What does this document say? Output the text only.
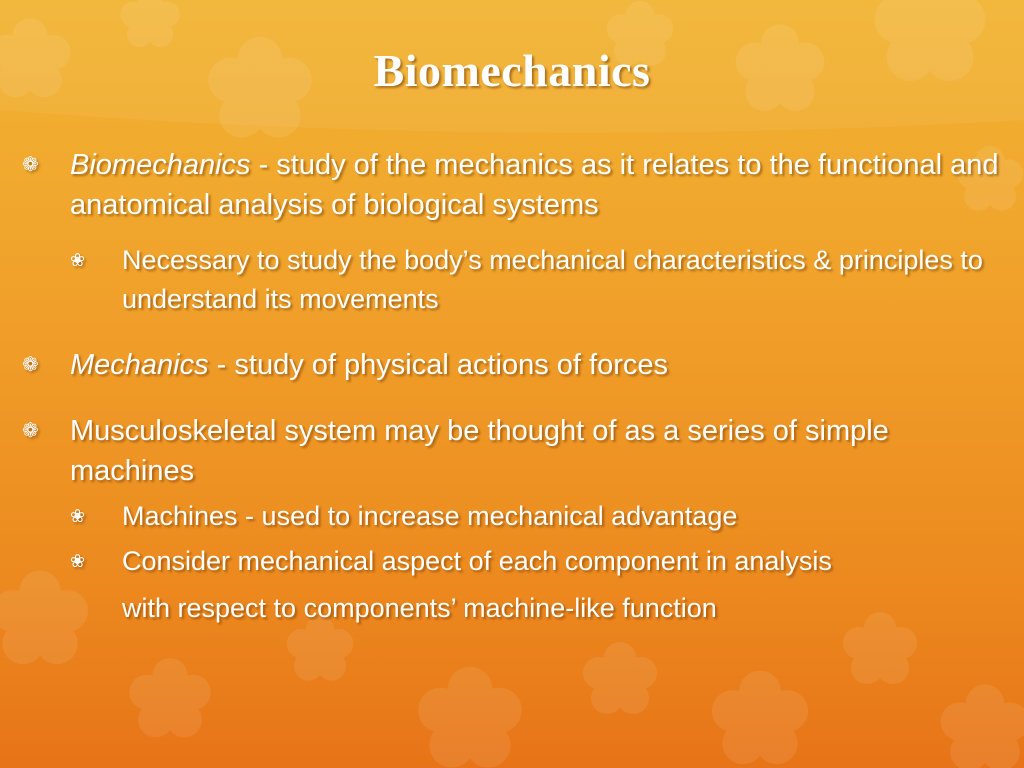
Biomechanics
❁ Biomechanics - study of the mechanics as it relates to the functional and anatomical analysis of biological systems
❀ Necessary to study the body’s mechanical characteristics & principles to understand its movements
❁ Mechanics - study of physical actions of forces
❁ Musculoskeletal system may be thought of as a series of simple machines
❀ Machines - used to increase mechanical advantage
❀ Consider mechanical aspect of each component in analysis
with respect to components’ machine-like function
